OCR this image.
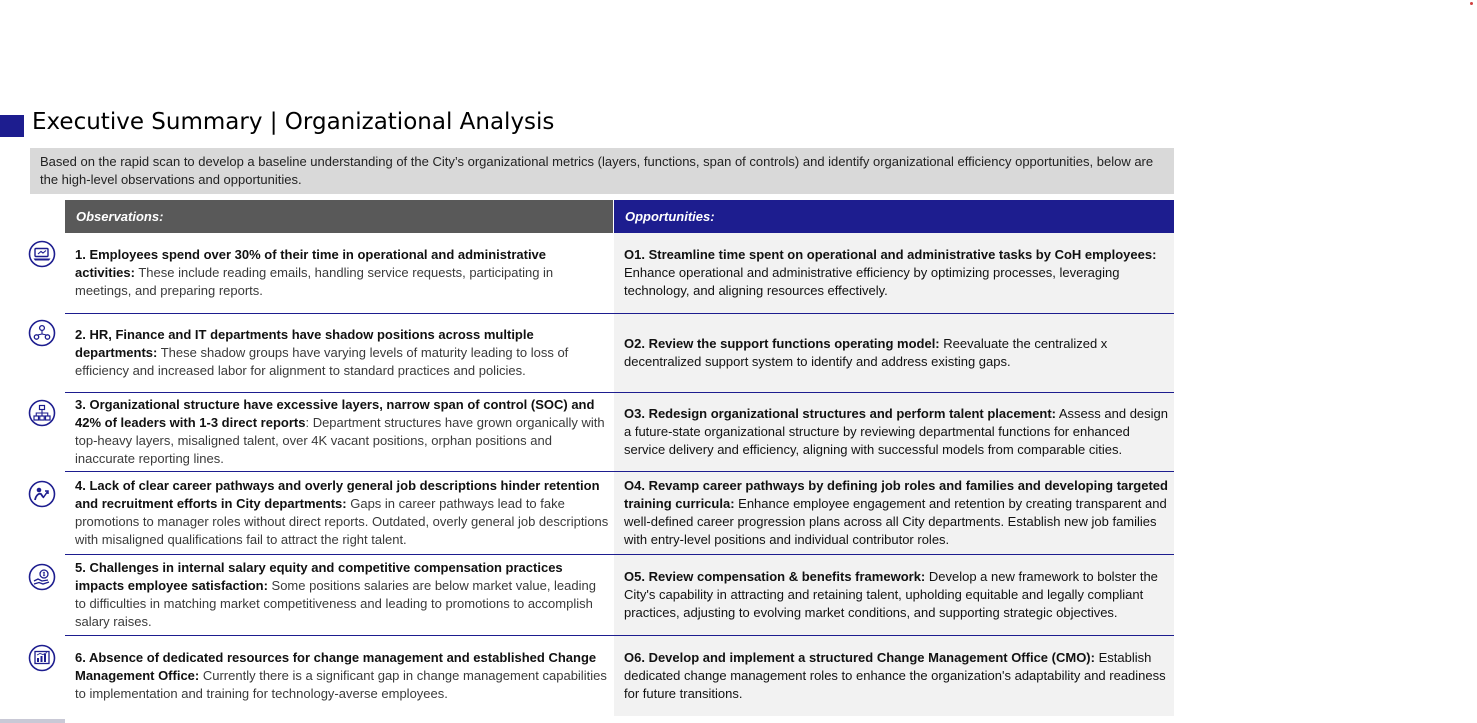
Executive Summary | Organizational Analysis
Based on the rapid scan to develop a baseline understanding of the City’s organizational metrics (layers, functions, span of controls) and identify organizational efficiency opportunities, below are the high-level observations and opportunities.
Observations:	Opportunities:
1. Employees spend over 30% of their time in operational and administrative activities: These include reading emails, handling service requests, participating in meetings, and preparing reports.
O1. Streamline time spent on operational and administrative tasks by CoH employees: Enhance operational and administrative efficiency by optimizing processes, leveraging technology, and aligning resources effectively.
2. HR, Finance and IT departments have shadow positions across multiple departments: These shadow groups have varying levels of maturity leading to loss of efficiency and increased labor for alignment to standard practices and policies.
O2. Review the support functions operating model: Reevaluate the centralized x decentralized support system to identify and address existing gaps.
3. Organizational structure have excessive layers, narrow span of control (SOC) and 42% of leaders with 1-3 direct reports: Department structures have grown organically with top-heavy layers, misaligned talent, over 4K vacant positions, orphan positions and inaccurate reporting lines.
O3. Redesign organizational structures and perform talent placement: Assess and design a future-state organizational structure by reviewing departmental functions for enhanced service delivery and efficiency, aligning with successful models from comparable cities.
4. Lack of clear career pathways and overly general job descriptions hinder retention and recruitment efforts in City departments: Gaps in career pathways lead to fake promotions to manager roles without direct reports. Outdated, overly general job descriptions with misaligned qualifications fail to attract the right talent.
O4. Revamp career pathways by defining job roles and families and developing targeted training curricula: Enhance employee engagement and retention by creating transparent and well-defined career progression plans across all City departments. Establish new job families with entry-level positions and individual contributor roles.
5. Challenges in internal salary equity and competitive compensation practices impacts employee satisfaction: Some positions salaries are below market value, leading to difficulties in matching market competitiveness and leading to promotions to accomplish salary raises.
O5. Review compensation & benefits framework: Develop a new framework to bolster the City's capability in attracting and retaining talent, upholding equitable and legally compliant practices, adjusting to evolving market conditions, and supporting strategic objectives.
6. Absence of dedicated resources for change management and established Change Management Office: Currently there is a significant gap in change management capabilities to implementation and training for technology-averse employees.
O6. Develop and implement a structured Change Management Office (CMO): Establish dedicated change management roles to enhance the organization's adaptability and readiness for future transitions.
